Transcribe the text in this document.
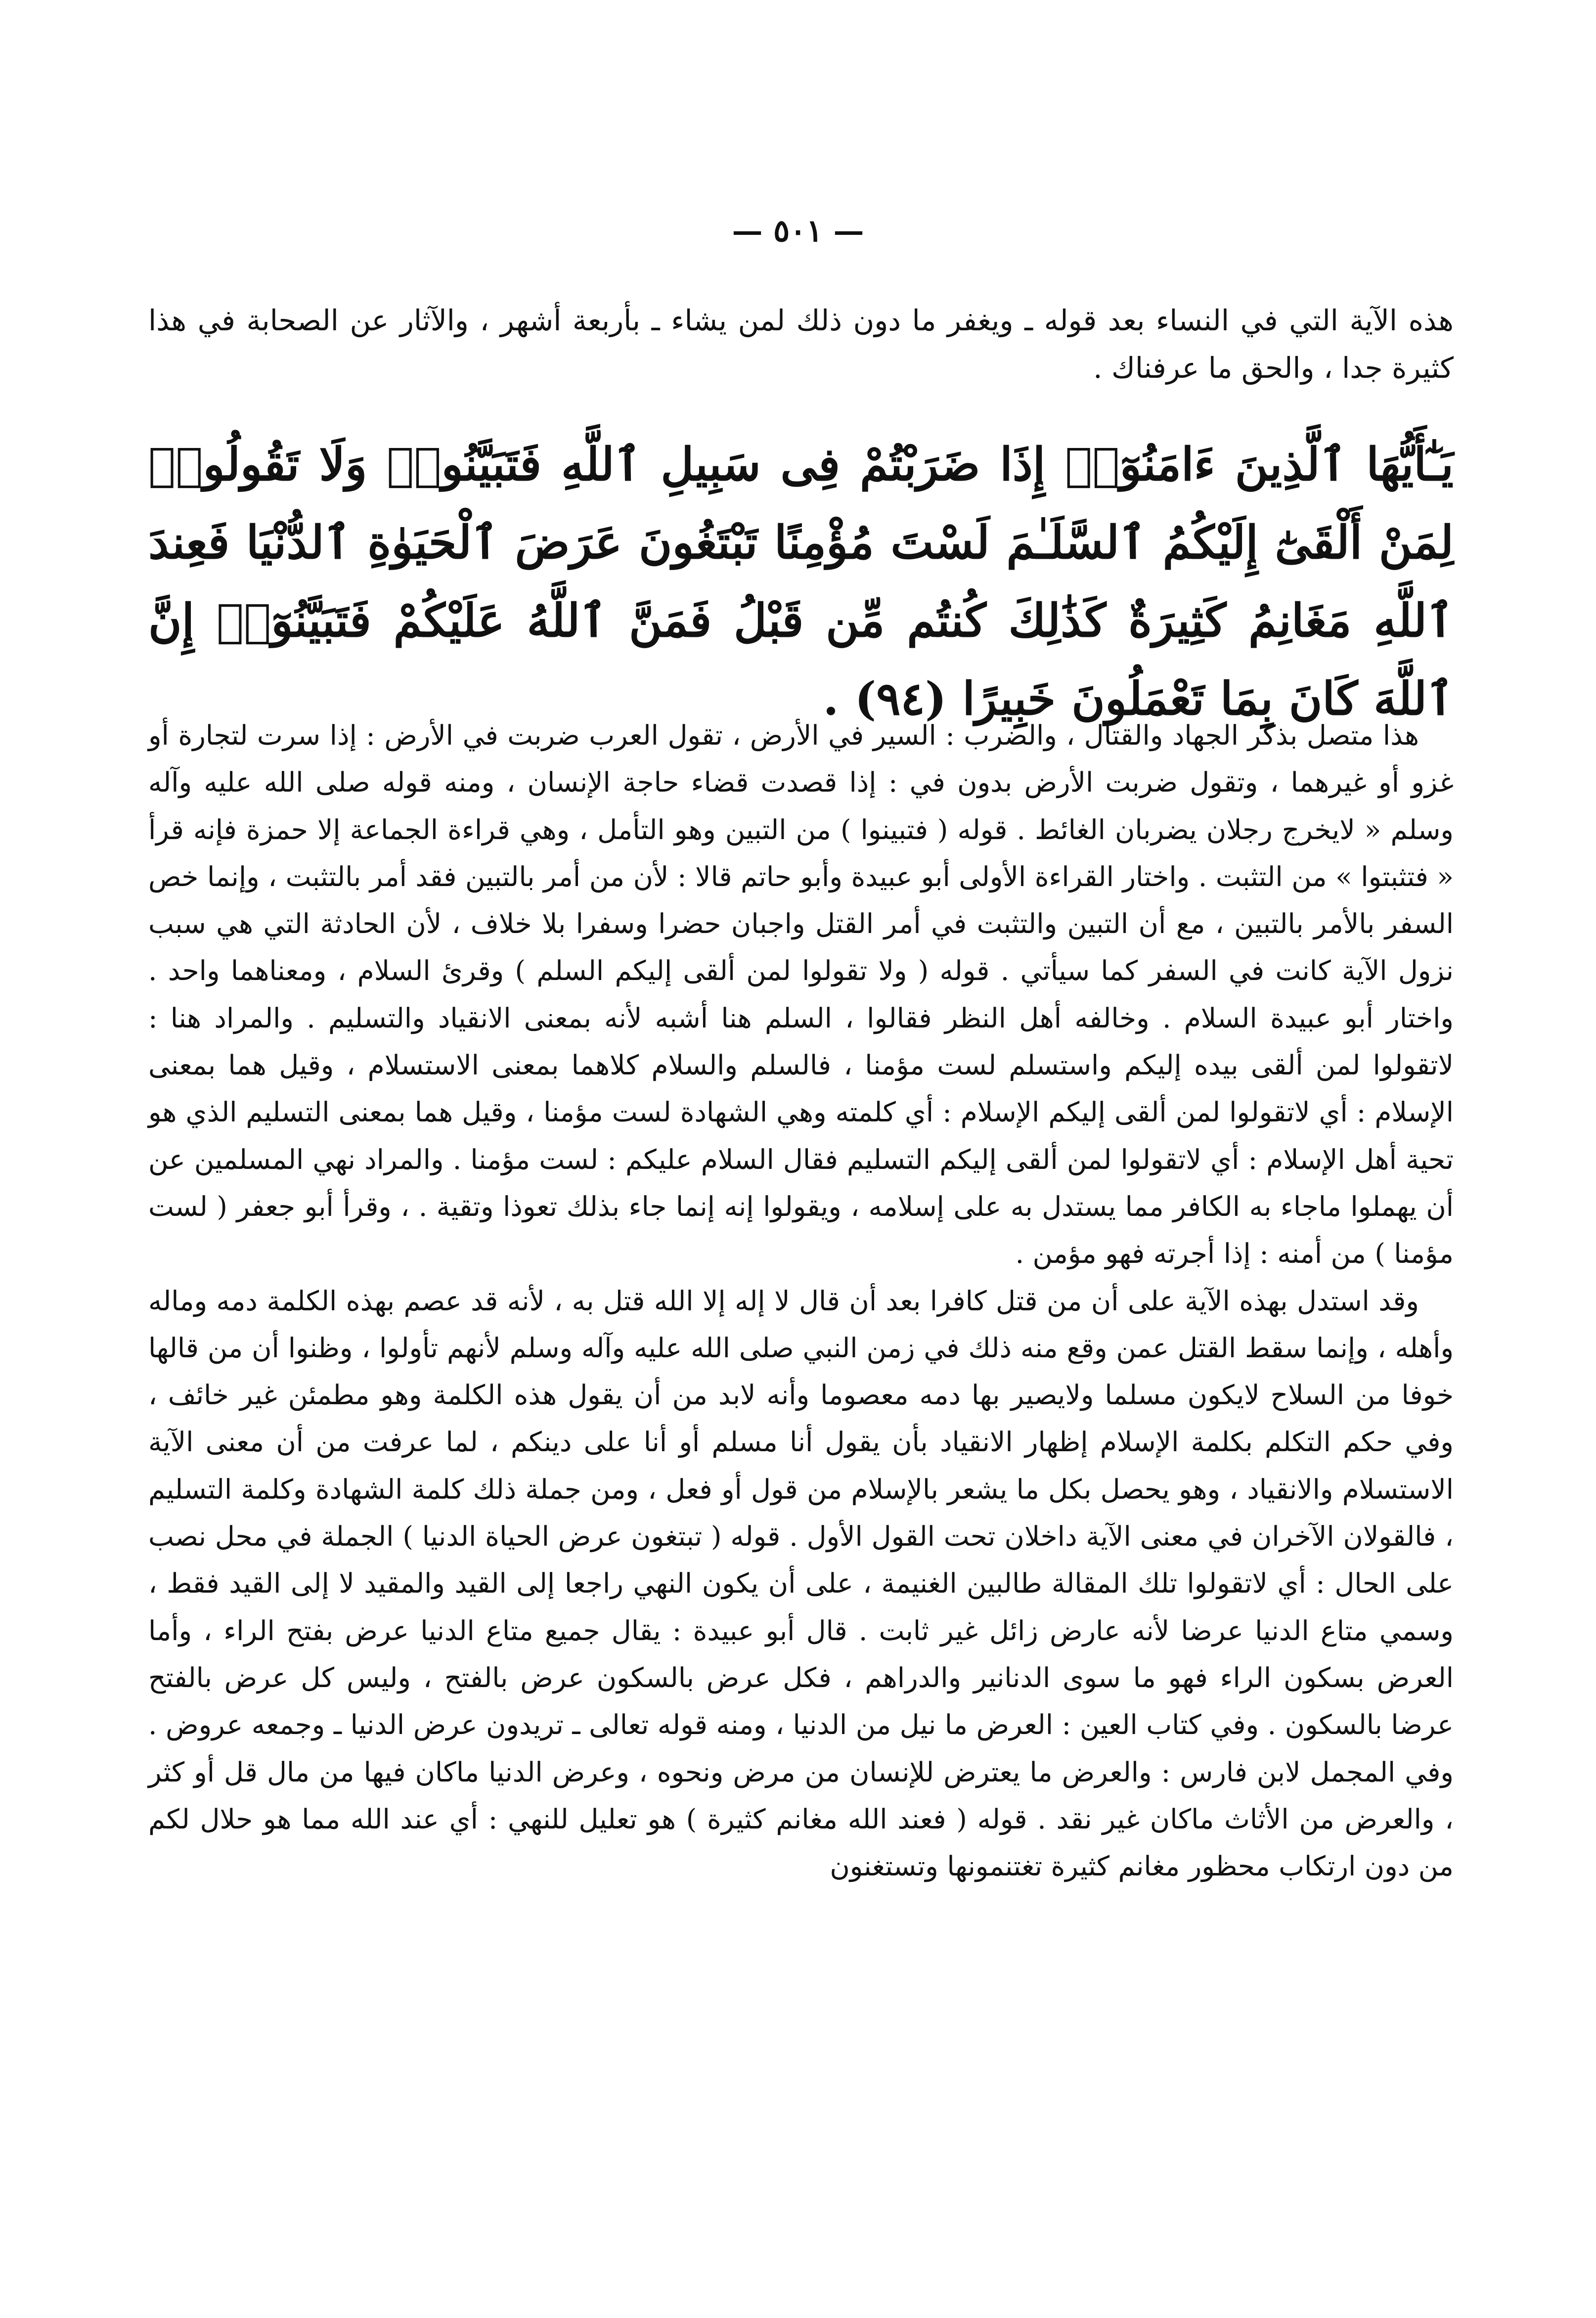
— ٥٠١ —
هذه الآية التي في النساء بعد قوله ـ ويغفر ما دون ذلك لمن يشاء ـ بأربعة أشهر ، والآثار عن الصحابة في هذا كثيرة جدا ، والحق ما عرفناك .
يَـٰٓأَيُّهَا ٱلَّذِينَ ءَامَنُوٓا۟ إِذَا ضَرَبْتُمْ فِى سَبِيلِ ٱللَّهِ فَتَبَيَّنُوا۟ وَلَا تَقُولُوا۟ لِمَنْ أَلْقَىٰٓ إِلَيْكُمُ ٱلسَّلَـٰمَ لَسْتَ مُؤْمِنًا تَبْتَغُونَ عَرَضَ ٱلْحَيَوٰةِ ٱلدُّنْيَا فَعِندَ ٱللَّهِ مَغَانِمُ كَثِيرَةٌ كَذَٰلِكَ كُنتُم مِّن قَبْلُ فَمَنَّ ٱللَّهُ عَلَيْكُمْ فَتَبَيَّنُوٓا۟ إِنَّ ٱللَّهَ كَانَ بِمَا تَعْمَلُونَ خَبِيرًا (٩٤) .

هذا متصل بذكر الجهاد والقتال ، والضرب : السير في الأرض ، تقول العرب ضربت في الأرض : إذا سرت لتجارة أو غزو أو غيرهما ، وتقول ضربت الأرض بدون في : إذا قصدت قضاء حاجة الإنسان ، ومنه قوله صلى الله عليه وآله وسلم « لايخرج رجلان يضربان الغائط . قوله ( فتبينوا ) من التبين وهو التأمل ، وهي قراءة الجماعة إلا حمزة فإنه قرأ « فتثبتوا » من التثبت . واختار القراءة الأولى أبو عبيدة وأبو حاتم قالا : لأن من أمر بالتبين فقد أمر بالتثبت ، وإنما خص السفر بالأمر بالتبين ، مع أن التبين والتثبت في أمر القتل واجبان حضرا وسفرا بلا خلاف ، لأن الحادثة التي هي سبب نزول الآية كانت في السفر كما سيأتي . قوله ( ولا تقولوا لمن ألقى إليكم السلم ) وقرئ السلام ، ومعناهما واحد . واختار أبو عبيدة السلام . وخالفه أهل النظر فقالوا ، السلم هنا أشبه لأنه بمعنى الانقياد والتسليم . والمراد هنا : لاتقولوا لمن ألقى بيده إليكم واستسلم لست مؤمنا ، فالسلم والسلام كلاهما بمعنى الاستسلام ، وقيل هما بمعنى الإسلام : أي لاتقولوا لمن ألقى إليكم الإسلام : أي كلمته وهي الشهادة لست مؤمنا ، وقيل هما بمعنى التسليم الذي هو تحية أهل الإسلام : أي لاتقولوا لمن ألقى إليكم التسليم فقال السلام عليكم : لست مؤمنا . والمراد نهي المسلمين عن أن يهملوا ماجاء به الكافر مما يستدل به على إسلامه ، ويقولوا إنه إنما جاء بذلك تعوذا وتقية . ، وقرأ أبو جعفر ( لست مؤمنا ) من أمنه : إذا أجرته فهو مؤمن .

وقد استدل بهذه الآية على أن من قتل كافرا بعد أن قال لا إله إلا الله قتل به ، لأنه قد عصم بهذه الكلمة دمه وماله وأهله ، وإنما سقط القتل عمن وقع منه ذلك في زمن النبي صلى الله عليه وآله وسلم لأنهم تأولوا ، وظنوا أن من قالها خوفا من السلاح لايكون مسلما ولايصير بها دمه معصوما وأنه لابد من أن يقول هذه الكلمة وهو مطمئن غير خائف ، وفي حكم التكلم بكلمة الإسلام إظهار الانقياد بأن يقول أنا مسلم أو أنا على دينكم ، لما عرفت من أن معنى الآية الاستسلام والانقياد ، وهو يحصل بكل ما يشعر بالإسلام من قول أو فعل ، ومن جملة ذلك كلمة الشهادة وكلمة التسليم ، فالقولان الآخران في معنى الآية داخلان تحت القول الأول . قوله ( تبتغون عرض الحياة الدنيا ) الجملة في محل نصب على الحال : أي لاتقولوا تلك المقالة طالبين الغنيمة ، على أن يكون النهي راجعا إلى القيد والمقيد لا إلى القيد فقط ، وسمي متاع الدنيا عرضا لأنه عارض زائل غير ثابت . قال أبو عبيدة : يقال جميع متاع الدنيا عرض بفتح الراء ، وأما العرض بسكون الراء فهو ما سوى الدنانير والدراهم ، فكل عرض بالسكون عرض بالفتح ، وليس كل عرض بالفتح عرضا بالسكون . وفي كتاب العين : العرض ما نيل من الدنيا ، ومنه قوله تعالى ـ تريدون عرض الدنيا ـ وجمعه عروض . وفي المجمل لابن فارس : والعرض ما يعترض للإنسان من مرض ونحوه ، وعرض الدنيا ماكان فيها من مال قل أو كثر ، والعرض من الأثاث ماكان غير نقد . قوله ( فعند الله مغانم كثيرة ) هو تعليل للنهي : أي عند الله مما هو حلال لكم من دون ارتكاب محظور مغانم كثيرة تغتنمونها وتستغنون
